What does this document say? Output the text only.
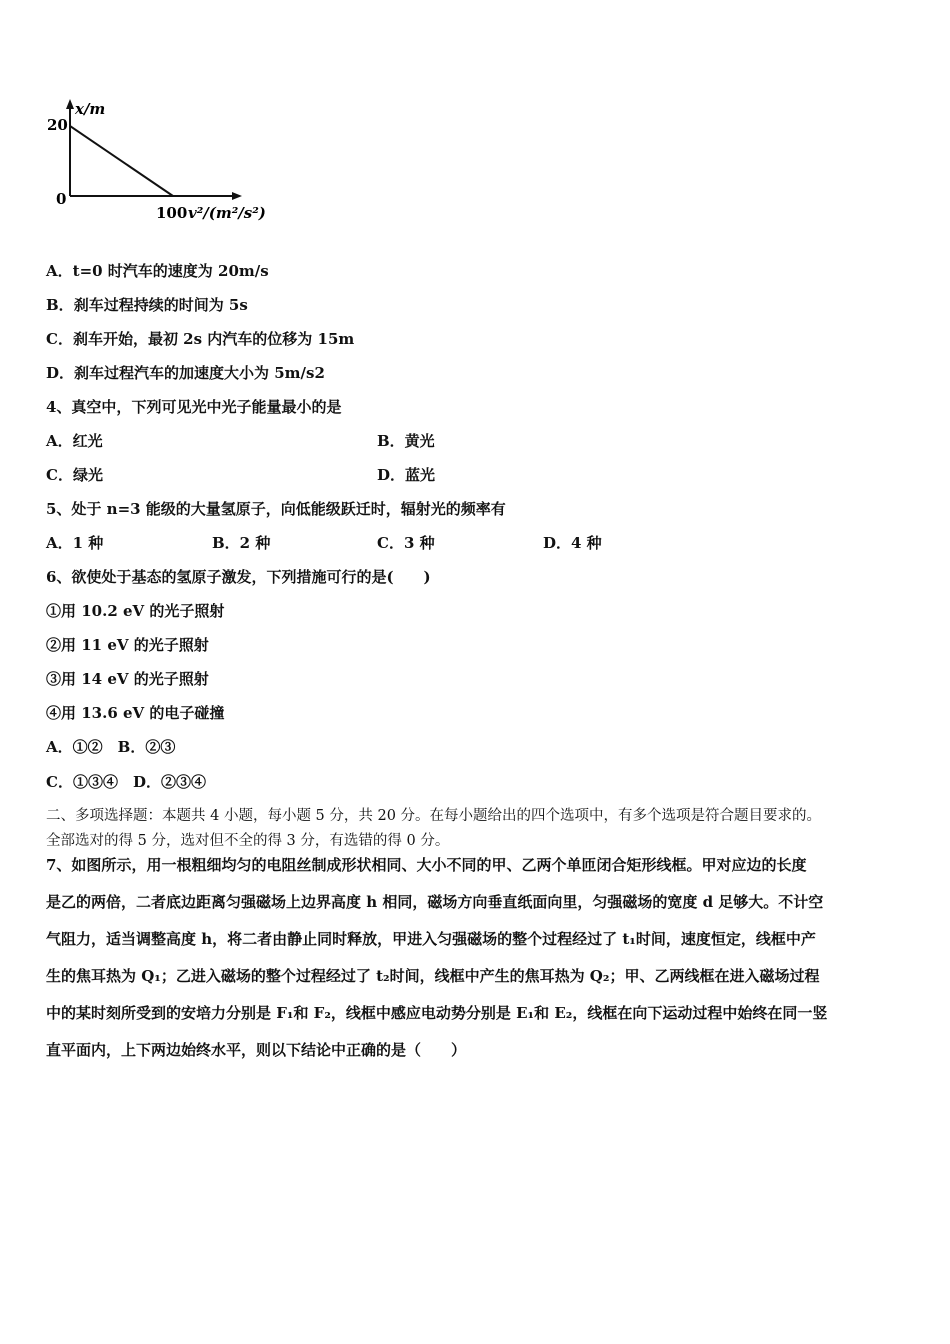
x/m
20
0
100 v²/(m²/s²)
A．t=0 时汽车的速度为 20m/s
B．刹车过程持续的时间为 5s
C．刹车开始，最初 2s 内汽车的位移为 15m
D．刹车过程汽车的加速度大小为 5m/s2
4、真空中，下列可见光中光子能量最小的是
A．红光	B．黄光
C．绿光	D．蓝光
5、处于 n=3 能级的大量氢原子，向低能级跃迁时，辐射光的频率有
A．1 种	B．2 种	C．3 种	D．4 种
6、欲使处于基态的氢原子激发，下列措施可行的是(　　)
①用 10.2 eV 的光子照射
②用 11 eV 的光子照射
③用 14 eV 的光子照射
④用 13.6 eV 的电子碰撞
A．①②　B．②③
C．①③④　D．②③④
二、多项选择题：本题共 4 小题，每小题 5 分，共 20 分。在每小题给出的四个选项中，有多个选项是符合题目要求的。
全部选对的得 5 分，选对但不全的得 3 分，有选错的得 0 分。
7、如图所示，用一根粗细均匀的电阻丝制成形状相同、大小不同的甲、乙两个单匝闭合矩形线框。甲对应边的长度
是乙的两倍，二者底边距离匀强磁场上边界高度 h 相同，磁场方向垂直纸面向里，匀强磁场的宽度 d 足够大。不计空
气阻力，适当调整高度 h，将二者由静止同时释放，甲进入匀强磁场的整个过程经过了 t₁时间，速度恒定，线框中产
生的焦耳热为 Q₁；乙进入磁场的整个过程经过了 t₂时间，线框中产生的焦耳热为 Q₂；甲、乙两线框在进入磁场过程
中的某时刻所受到的安培力分别是 F₁和 F₂，线框中感应电动势分别是 E₁和 E₂，线框在向下运动过程中始终在同一竖
直平面内，上下两边始终水平，则以下结论中正确的是（　　）
